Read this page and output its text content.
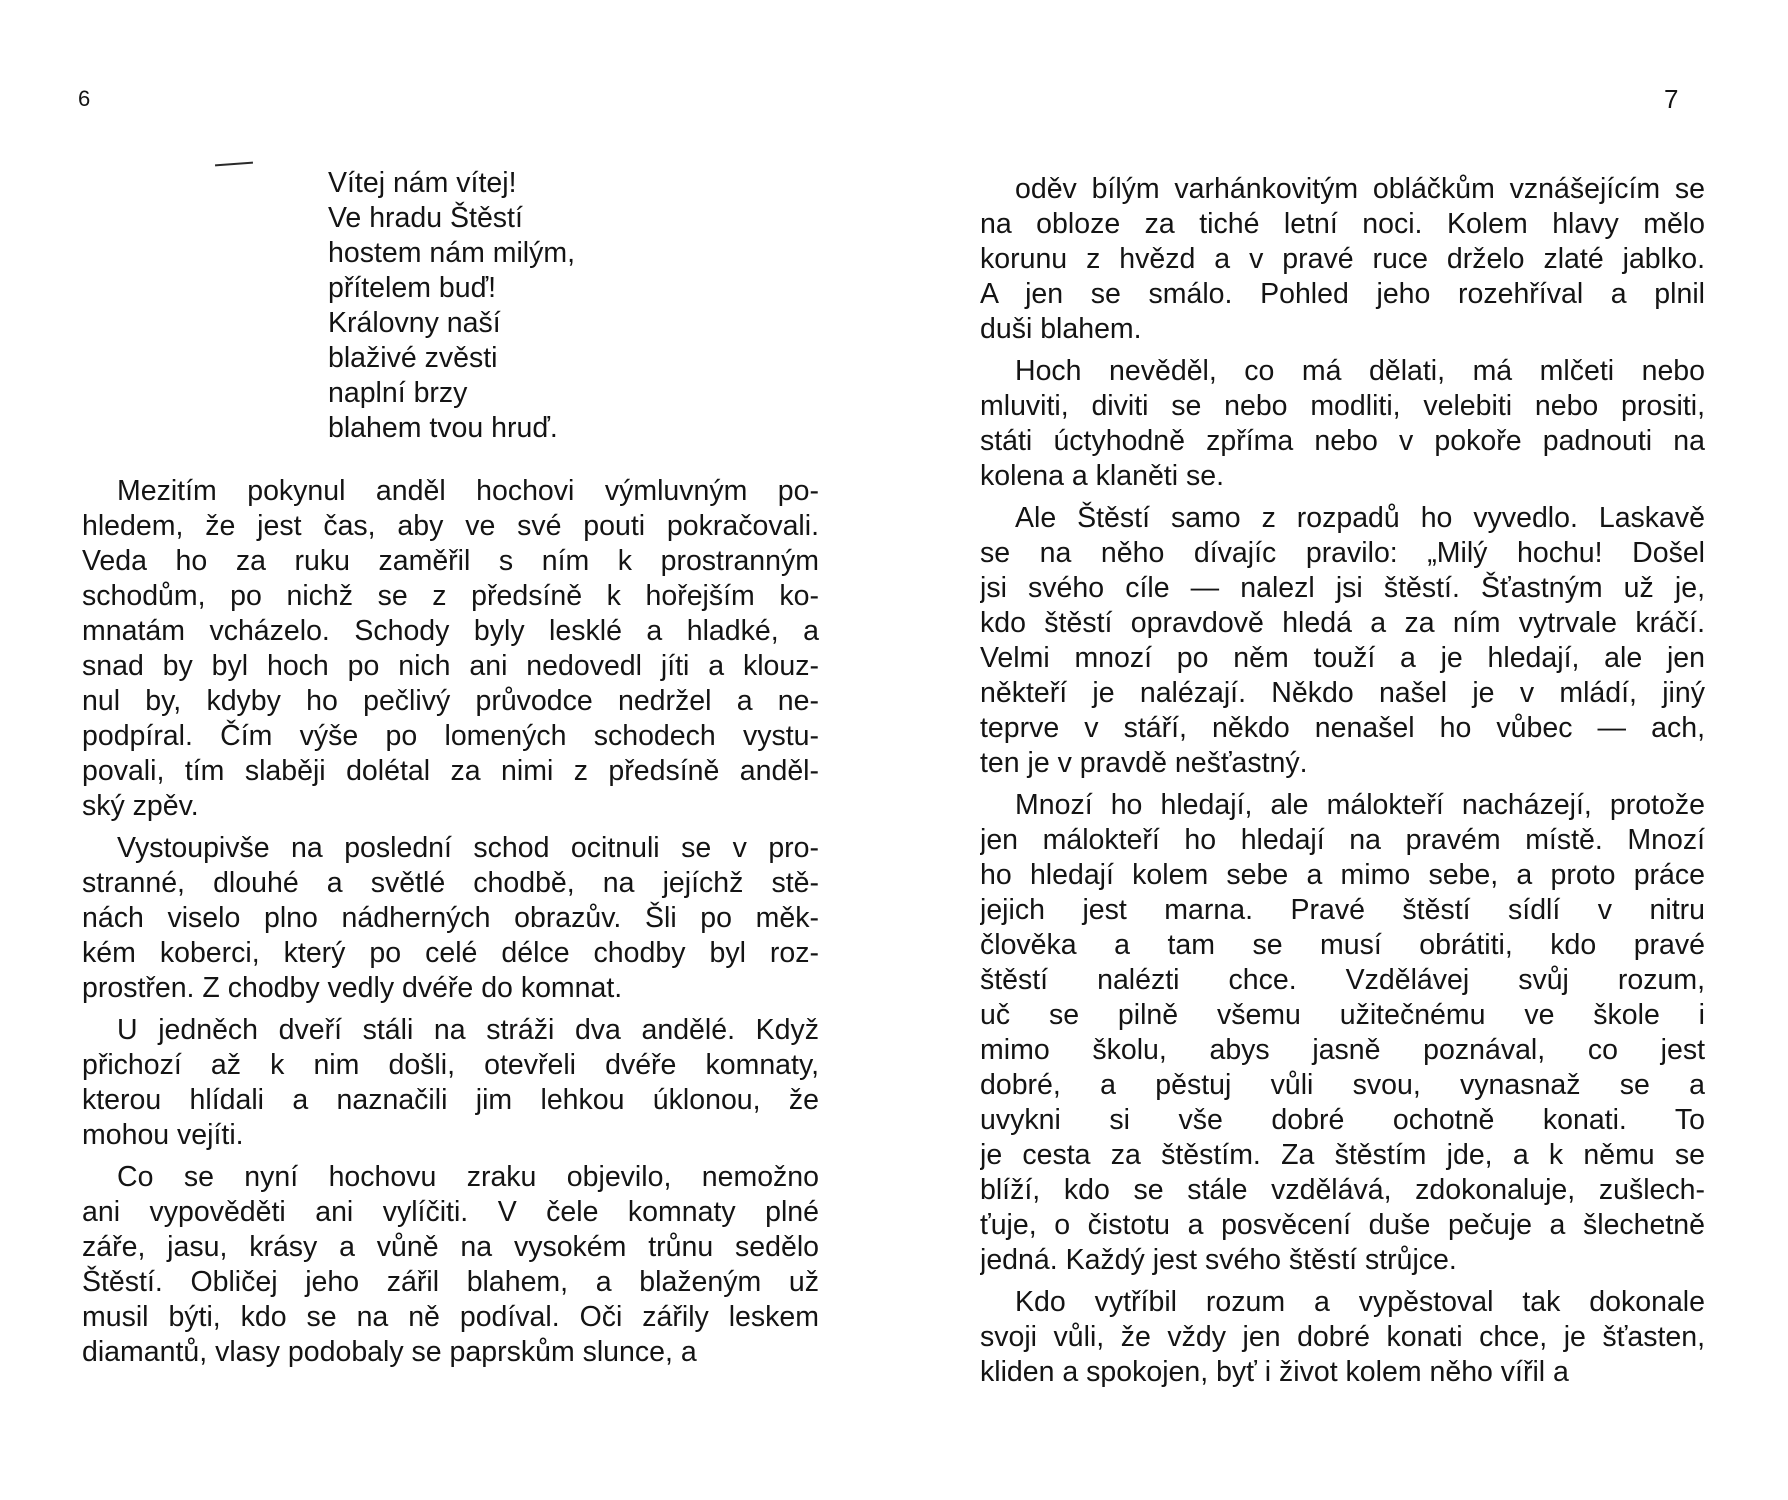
6
Vítej nám vítej!
Ve hradu Štěstí
hostem nám milým,
přítelem buď!
Královny naší
blaživé zvěsti
naplní brzy
blahem tvou hruď.

Mezitím pokynul anděl hochovi výmluvným po-
hledem, že jest čas, aby ve své pouti pokračovali.
Veda ho za ruku zaměřil s ním k prostranným
schodům, po nichž se z předsíně k hořejším ko-
mnatám vcházelo. Schody byly lesklé a hladké, a
snad by byl hoch po nich ani nedovedl jíti a klouz-
nul by, kdyby ho pečlivý průvodce nedržel a ne-
podpíral. Čím výše po lomených schodech vystu-
povali, tím slaběji dolétal za nimi z předsíně anděl-
ský zpěv.

Vystoupivše na poslední schod ocitnuli se v pro-
stranné, dlouhé a světlé chodbě, na jejíchž stě-
nách viselo plno nádherných obrazův. Šli po měk-
kém koberci, který po celé délce chodby byl roz-
prostřen. Z chodby vedly dvéře do komnat.

U jedněch dveří stáli na stráži dva andělé. Když
přichozí až k nim došli, otevřeli dvéře komnaty,
kterou hlídali a naznačili jim lehkou úklonou, že
mohou vejíti.

Co se nyní hochovu zraku objevilo, nemožno
ani vypověděti ani vylíčiti. V čele komnaty plné
záře, jasu, krásy a vůně na vysokém trůnu sedělo
Štěstí. Obličej jeho zářil blahem, a blaženým už
musil býti, kdo se na ně podíval. Oči zářily leskem
diamantů, vlasy podobaly se paprskům slunce, a

7

oděv bílým varhánkovitým obláčkům vznášejícím se
na obloze za tiché letní noci. Kolem hlavy mělo
korunu z hvězd a v pravé ruce drželo zlaté jablko.
A jen se smálo. Pohled jeho rozehříval a plnil
duši blahem.

Hoch nevěděl, co má dělati, má mlčeti nebo
mluviti, diviti se nebo modliti, velebiti nebo prositi,
státi úctyhodně zpříma nebo v pokoře padnouti na
kolena a klaněti se.

Ale Štěstí samo z rozpadů ho vyvedlo. Laskavě
se na něho dívajíc pravilo: „Milý hochu! Došel
jsi svého cíle — nalezl jsi štěstí. Šťastným už je,
kdo štěstí opravdově hledá a za ním vytrvale kráčí.
Velmi mnozí po něm touží a je hledají, ale jen
někteří je nalézají. Někdo našel je v mládí, jiný
teprve v stáří, někdo nenašel ho vůbec — ach,
ten je v pravdě nešťastný.

Mnozí ho hledají, ale málokteří nacházejí, protože
jen málokteří ho hledají na pravém místě. Mnozí
ho hledají kolem sebe a mimo sebe, a proto práce
jejich jest marna. Pravé štěstí sídlí v nitru
člověka a tam se musí obrátiti, kdo pravé
štěstí nalézti chce. Vzdělávej svůj rozum,
uč se pilně všemu užitečnému ve škole i
mimo školu, abys jasně poznával, co jest
dobré, a pěstuj vůli svou, vynasnaž se a
uvykni si vše dobré ochotně konati. To
je cesta za štěstím. Za štěstím jde, a k němu se
blíží, kdo se stále vzdělává, zdokonaluje, zušlech-
ťuje, o čistotu a posvěcení duše pečuje a šlechetně
jedná. Každý jest svého štěstí strůjce.

Kdo vytříbil rozum a vypěstoval tak dokonale
svoji vůli, že vždy jen dobré konati chce, je šťasten,
kliden a spokojen, byť i život kolem něho vířil a
